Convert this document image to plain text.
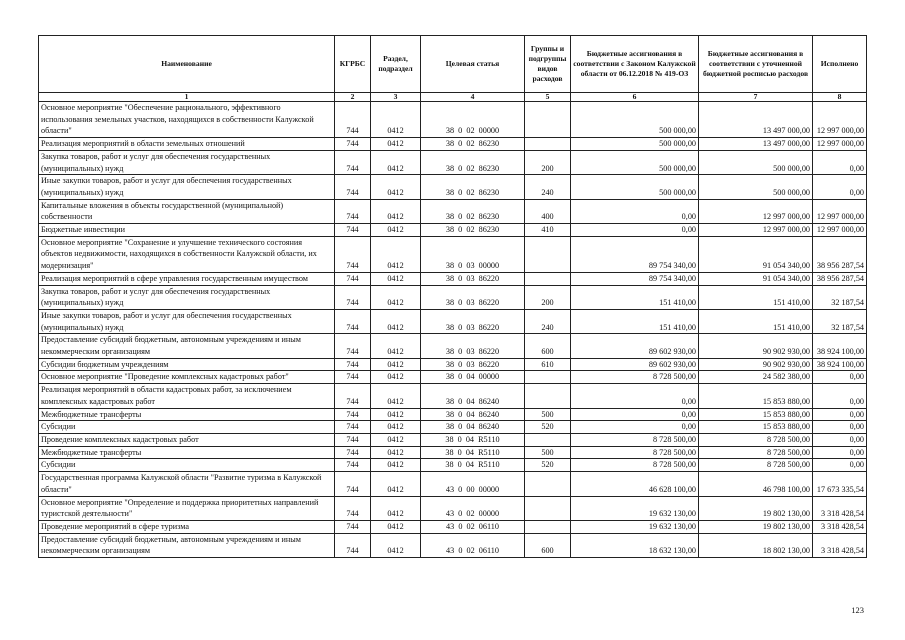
Наименование	КГРБС	Раздел, подраздел	Целевая статья	Группы и подгруппы видов расходов	Бюджетные ассигнования в соответствии с Законом Калужской области от 06.12.2018 № 419-ОЗ	Бюджетные ассигнования в соответствии с уточненной бюджетной росписью расходов	Исполнено
1	2	3	4	5	6	7	8
Основное мероприятие "Обеспечение рационального, эффективного использования земельных участков, находящихся в собственности Калужской области"	744	0412	38  0  02  00000		500 000,00	13 497 000,00	12 997 000,00
Реализация мероприятий в области земельных отношений	744	0412	38  0  02  86230		500 000,00	13 497 000,00	12 997 000,00
Закупка товаров, работ и услуг для обеспечения государственных (муниципальных) нужд	744	0412	38  0  02  86230	200	500 000,00	500 000,00	0,00
Иные закупки товаров, работ и услуг для обеспечения государственных (муниципальных) нужд	744	0412	38  0  02  86230	240	500 000,00	500 000,00	0,00
Капитальные вложения в объекты государственной (муниципальной) собственности	744	0412	38  0  02  86230	400	0,00	12 997 000,00	12 997 000,00
Бюджетные инвестиции	744	0412	38  0  02  86230	410	0,00	12 997 000,00	12 997 000,00
Основное мероприятие "Сохранение и улучшение технического состояния объектов недвижимости, находящихся в собственности Калужской области, их модернизация"	744	0412	38  0  03  00000		89 754 340,00	91 054 340,00	38 956 287,54
Реализация мероприятий в сфере управления государственным имуществом	744	0412	38  0  03  86220		89 754 340,00	91 054 340,00	38 956 287,54
Закупка товаров, работ и услуг для обеспечения государственных (муниципальных) нужд	744	0412	38  0  03  86220	200	151 410,00	151 410,00	32 187,54
Иные закупки товаров, работ и услуг для обеспечения государственных (муниципальных) нужд	744	0412	38  0  03  86220	240	151 410,00	151 410,00	32 187,54
Предоставление субсидий бюджетным, автономным учреждениям и иным некоммерческим организациям	744	0412	38  0  03  86220	600	89 602 930,00	90 902 930,00	38 924 100,00
Субсидии бюджетным учреждениям	744	0412	38  0  03  86220	610	89 602 930,00	90 902 930,00	38 924 100,00
Основное мероприятие "Проведение комплексных кадастровых работ"	744	0412	38  0  04  00000		8 728 500,00	24 582 380,00	0,00
Реализация мероприятий в области кадастровых работ, за исключением комплексных кадастровых работ	744	0412	38  0  04  86240		0,00	15 853 880,00	0,00
Межбюджетные трансферты	744	0412	38  0  04  86240	500	0,00	15 853 880,00	0,00
Субсидии	744	0412	38  0  04  86240	520	0,00	15 853 880,00	0,00
Проведение комплексных кадастровых работ	744	0412	38  0  04  R5110		8 728 500,00	8 728 500,00	0,00
Межбюджетные трансферты	744	0412	38  0  04  R5110	500	8 728 500,00	8 728 500,00	0,00
Субсидии	744	0412	38  0  04  R5110	520	8 728 500,00	8 728 500,00	0,00
Государственная программа Калужской области "Развитие туризма в Калужской области"	744	0412	43  0  00  00000		46 628 100,00	46 798 100,00	17 673 335,54
Основное мероприятие "Определение и поддержка приоритетных направлений туристской деятельности"	744	0412	43  0  02  00000		19 632 130,00	19 802 130,00	3 318 428,54
Проведение мероприятий в сфере туризма	744	0412	43  0  02  06110		19 632 130,00	19 802 130,00	3 318 428,54
Предоставление субсидий бюджетным, автономным учреждениям и иным некоммерческим организациям	744	0412	43  0  02  06110	600	18 632 130,00	18 802 130,00	3 318 428,54
123
